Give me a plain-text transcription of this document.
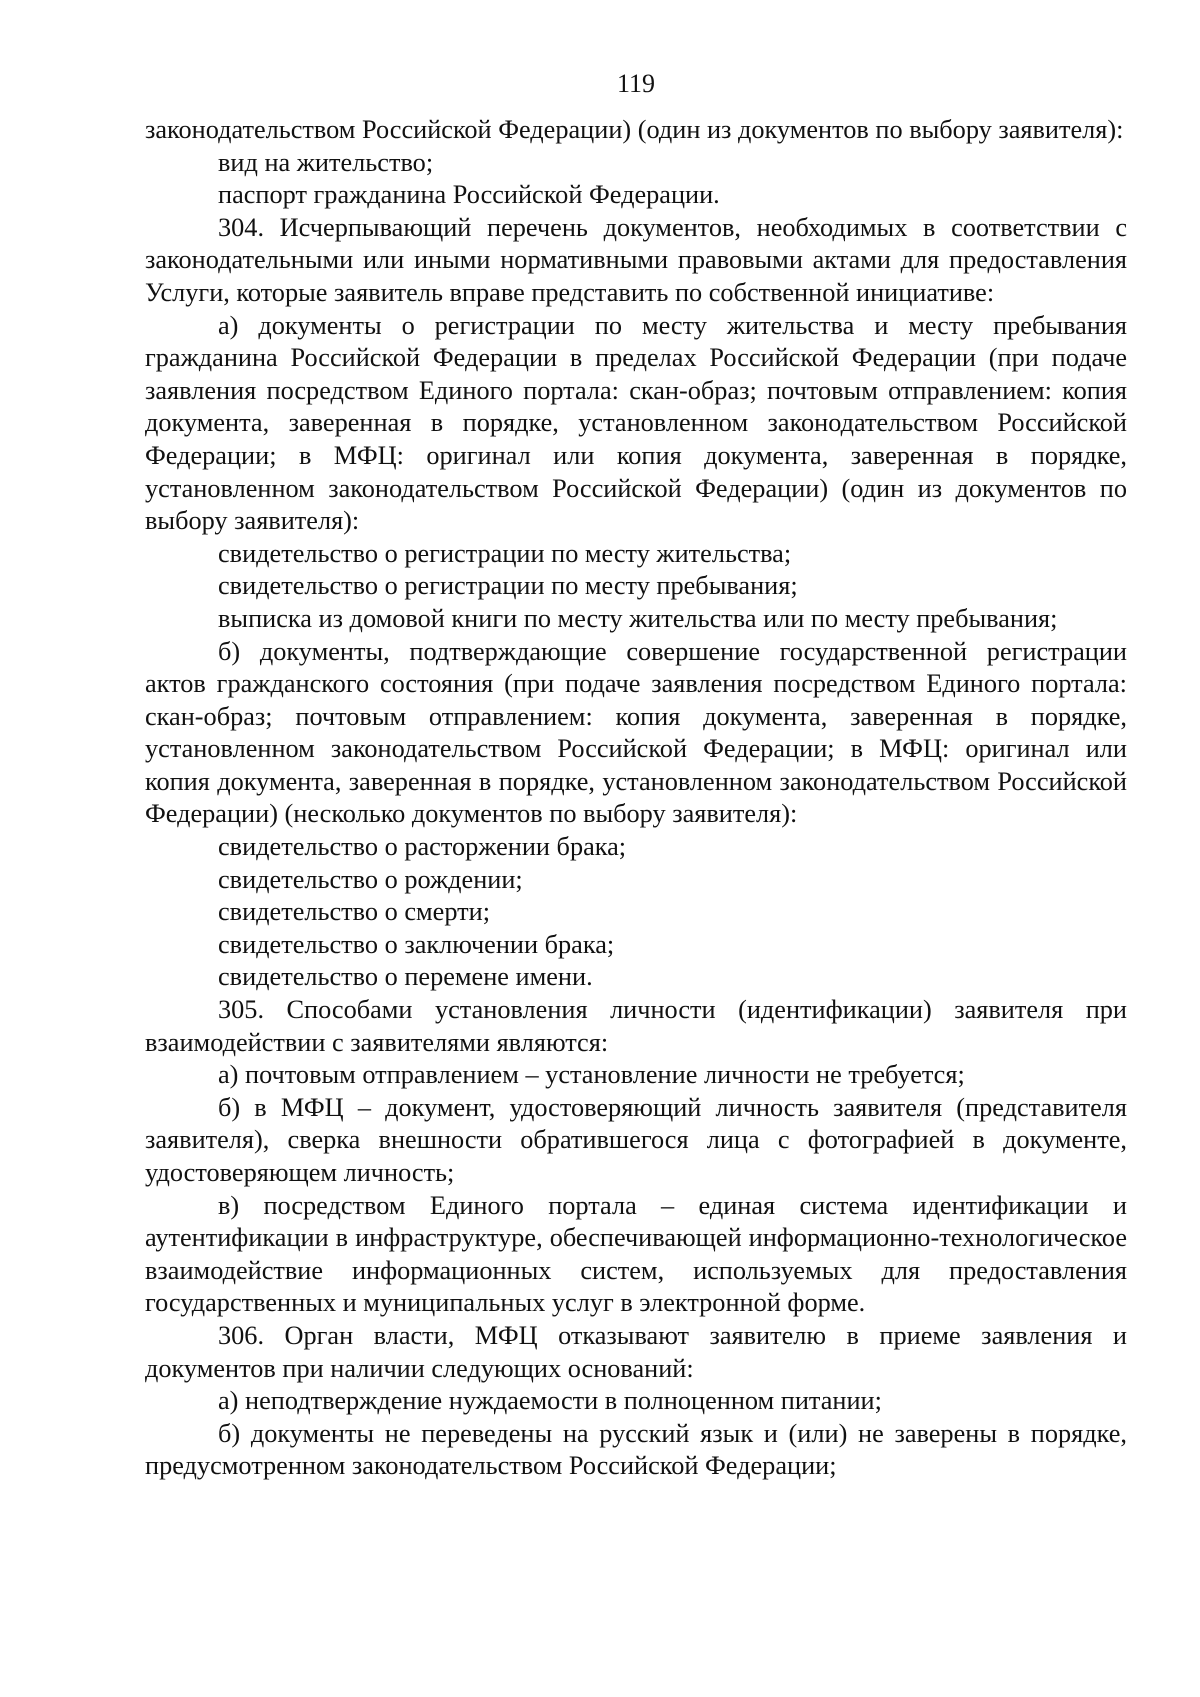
119

законодательством Российской Федерации) (один из документов по выбору заявителя):

вид на жительство;

паспорт гражданина Российской Федерации.

304. Исчерпывающий перечень документов, необходимых в соответствии с законодательными или иными нормативными правовыми актами для предоставления Услуги, которые заявитель вправе представить по собственной инициативе:

а) документы о регистрации по месту жительства и месту пребывания гражданина Российской Федерации в пределах Российской Федерации (при подаче заявления посредством Единого портала: скан-образ; почтовым отправлением: копия документа, заверенная в порядке, установленном законодательством Российской Федерации; в МФЦ: оригинал или копия документа, заверенная в порядке, установленном законодательством Российской Федерации) (один из документов по выбору заявителя):

свидетельство о регистрации по месту жительства;

свидетельство о регистрации по месту пребывания;

выписка из домовой книги по месту жительства или по месту пребывания;

б) документы, подтверждающие совершение государственной регистрации актов гражданского состояния (при подаче заявления посредством Единого портала: скан-образ; почтовым отправлением: копия документа, заверенная в порядке, установленном законодательством Российской Федерации; в МФЦ: оригинал или копия документа, заверенная в порядке, установленном законодательством Российской Федерации) (несколько документов по выбору заявителя):

свидетельство о расторжении брака;

свидетельство о рождении;

свидетельство о смерти;

свидетельство о заключении брака;

свидетельство о перемене имени.

305. Способами установления личности (идентификации) заявителя при взаимодействии с заявителями являются:

а) почтовым отправлением – установление личности не требуется;

б) в МФЦ – документ, удостоверяющий личность заявителя (представителя заявителя), сверка внешности обратившегося лица с фотографией в документе, удостоверяющем личность;

в) посредством Единого портала – единая система идентификации и аутентификации в инфраструктуре, обеспечивающей информационно-технологическое взаимодействие информационных систем, используемых для предоставления государственных и муниципальных услуг в электронной форме.

306. Орган власти, МФЦ отказывают заявителю в приеме заявления и документов при наличии следующих оснований:

а) неподтверждение нуждаемости в полноценном питании;

б) документы не переведены на русский язык и (или) не заверены в порядке, предусмотренном законодательством Российской Федерации;
